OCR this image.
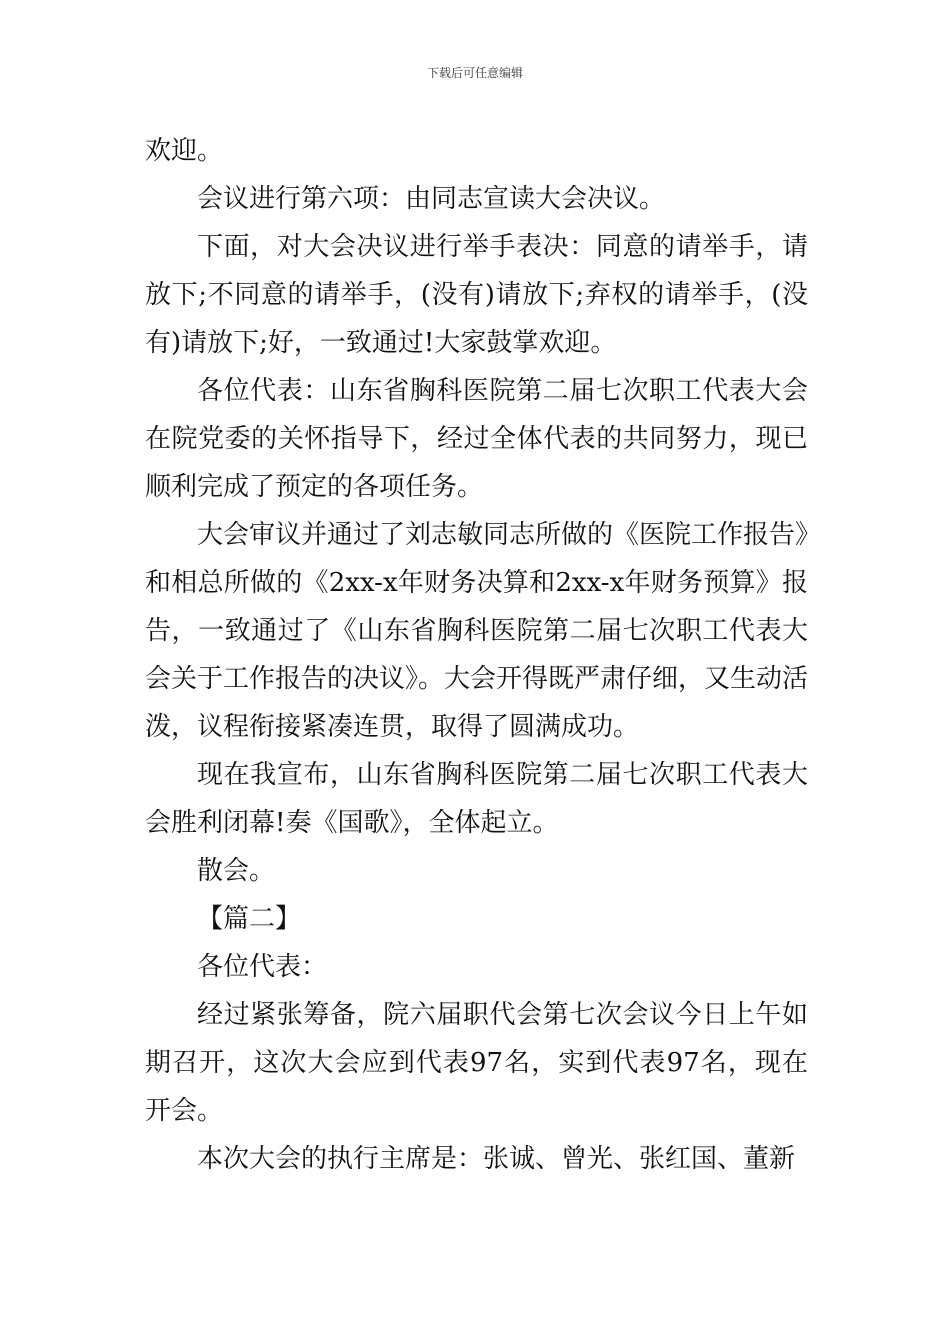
下载后可任意编辑

欢迎。

会议进行第六项：由同志宣读大会决议。

下面，对大会决议进行举手表决：同意的请举手，请放下;不同意的请举手，(没有)请放下;弃权的请举手，(没有)请放下;好，一致通过!大家鼓掌欢迎。

各位代表：山东省胸科医院第二届七次职工代表大会在院党委的关怀指导下，经过全体代表的共同努力，现已顺利完成了预定的各项任务。

大会审议并通过了刘志敏同志所做的《医院工作报告》和相总所做的《2xx-x年财务决算和2xx-x年财务预算》报告，一致通过了《山东省胸科医院第二届七次职工代表大会关于工作报告的决议》。大会开得既严肃仔细，又生动活泼，议程衔接紧凑连贯，取得了圆满成功。

现在我宣布，山东省胸科医院第二届七次职工代表大会胜利闭幕!奏《国歌》，全体起立。

散会。

【篇二】

各位代表：

经过紧张筹备，院六届职代会第七次会议今日上午如期召开，这次大会应到代表97名，实到代表97名，现在开会。

本次大会的执行主席是：张诚、曾光、张红国、董新
